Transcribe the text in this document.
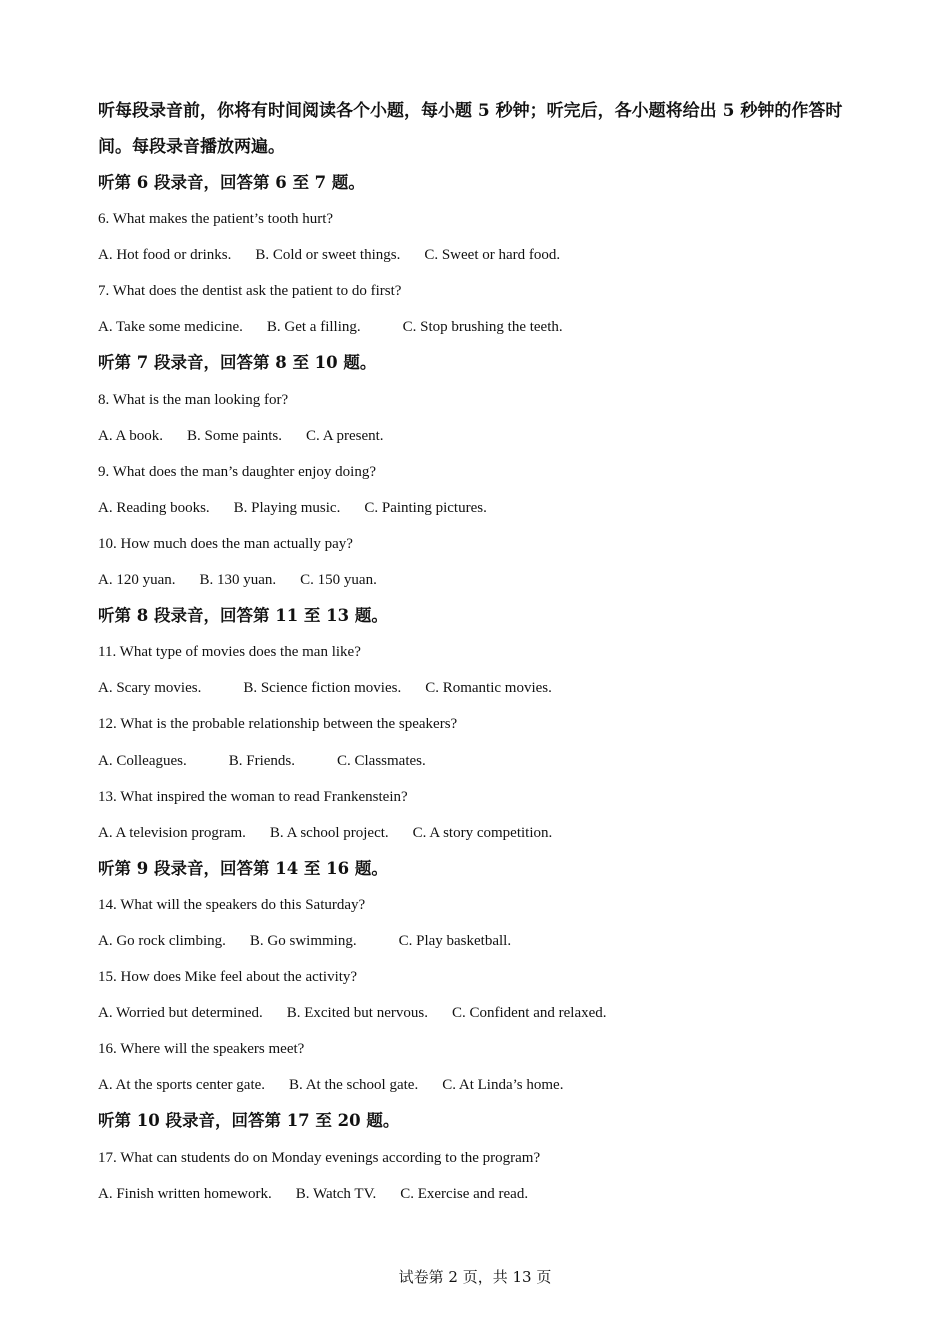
听每段录音前，你将有时间阅读各个小题，每小题 5 秒钟；听完后，各小题将给出 5 秒钟的作答时间。每段录音播放两遍。
听第 6 段录音，回答第 6 至 7 题。
6. What makes the patient’s tooth hurt?
A. Hot food or drinks. B. Cold or sweet things. C. Sweet or hard food.
7. What does the dentist ask the patient to do first?
A. Take some medicine. B. Get a filling.	C. Stop brushing the teeth.
听第 7 段录音，回答第 8 至 10 题。
8. What is the man looking for?
A. A book. B. Some paints. C. A present.
9. What does the man’s daughter enjoy doing?
A. Reading books. B. Playing music. C. Painting pictures.
10. How much does the man actually pay?
A. 120 yuan. B. 130 yuan. C. 150 yuan.
听第 8 段录音，回答第 11 至 13 题。
11. What type of movies does the man like?
A. Scary movies.	B. Science fiction movies. C. Romantic movies.
12. What is the probable relationship between the speakers?
A. Colleagues.	B. Friends.	C. Classmates.
13. What inspired the woman to read Frankenstein?
A. A television program. B. A school project. C. A story competition.
听第 9 段录音，回答第 14 至 16 题。
14. What will the speakers do this Saturday?
A. Go rock climbing. B. Go swimming.	C. Play basketball.
15. How does Mike feel about the activity?
A. Worried but determined. B. Excited but nervous. C. Confident and relaxed.
16. Where will the speakers meet?
A. At the sports center gate. B. At the school gate. C. At Linda’s home.
听第 10 段录音，回答第 17 至 20 题。
17. What can students do on Monday evenings according to the program?
A. Finish written homework. B. Watch TV. C. Exercise and read.
试卷第 2 页，共 13 页
